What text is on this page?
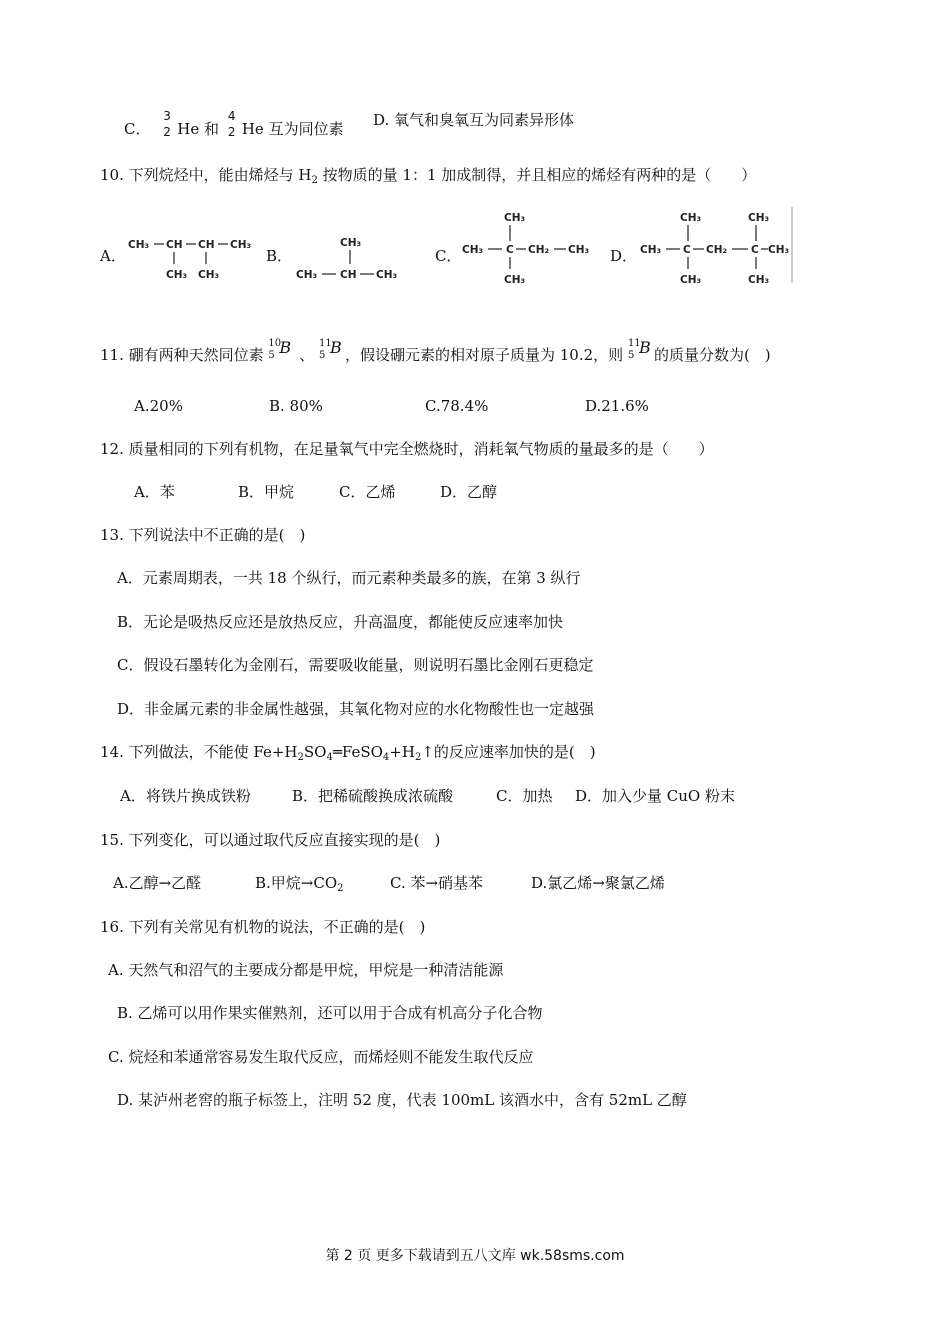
C．
3
2 He 和
4
2 He 互为同位素 D. 氧气和臭氧互为同素异形体
10. 下列烷烃中，能由烯烃与 $H_2$ 按物质的量 1：1 加成制得，并且相应的烯烃有两种的是（　　）
A．	B．	C．	D．
CH₃ CH CH CH₃
CH₃ CH₃
CH₃
CH₃ CH CH₃
CH₃
CH₃ C CH₂ CH₃
CH₃
CH₃	CH₃
CH₃ C CH₂ C CH₃
CH₃	CH₃
11. 硼有两种天然同位素
10
5 B 、
11
5 B ，假设硼元素的相对原子质量为 10.2，则
11
5 B 的质量分数为(　)
A.20%	B. 80%	C.78.4%	D.21.6%
12. 质量相同的下列有机物，在足量氧气中完全燃烧时，消耗氧气物质的量最多的是（　　）
A．苯	B．甲烷	C．乙烯	D．乙醇
13. 下列说法中不正确的是(　)
A．元素周期表，一共 18 个纵行，而元素种类最多的族，在第 3 纵行
B．无论是吸热反应还是放热反应，升高温度，都能使反应速率加快
C．假设石墨转化为金刚石，需要吸收能量，则说明石墨比金刚石更稳定
D．非金属元素的非金属性越强，其氧化物对应的水化物酸性也一定越强
14. 下列做法，不能使 $Fe+H_2SO_4═FeSO_4+H_2↑$的反应速率加快的是(　)
A．将铁片换成铁粉	B．把稀硫酸换成浓硫酸	C．加热 D．加入少量 CuO 粉末
15. 下列变化，可以通过取代反应直接实现的是(　)
A.乙醇→乙醛	B.甲烷$\to CO_2$	C. 苯→硝基苯	D.氯乙烯→聚氯乙烯
16. 下列有关常见有机物的说法，不正确的是(　)
A. 天然气和沼气的主要成分都是甲烷，甲烷是一种清洁能源
B. 乙烯可以用作果实催熟剂，还可以用于合成有机高分子化合物
C. 烷烃和苯通常容易发生取代反应，而烯烃则不能发生取代反应
D. 某泸州老窖的瓶子标签上，注明 52 度，代表 100mL 该酒水中，含有 52mL 乙醇
第 2 页 更多下载请到五八文库 wk.58sms.com
